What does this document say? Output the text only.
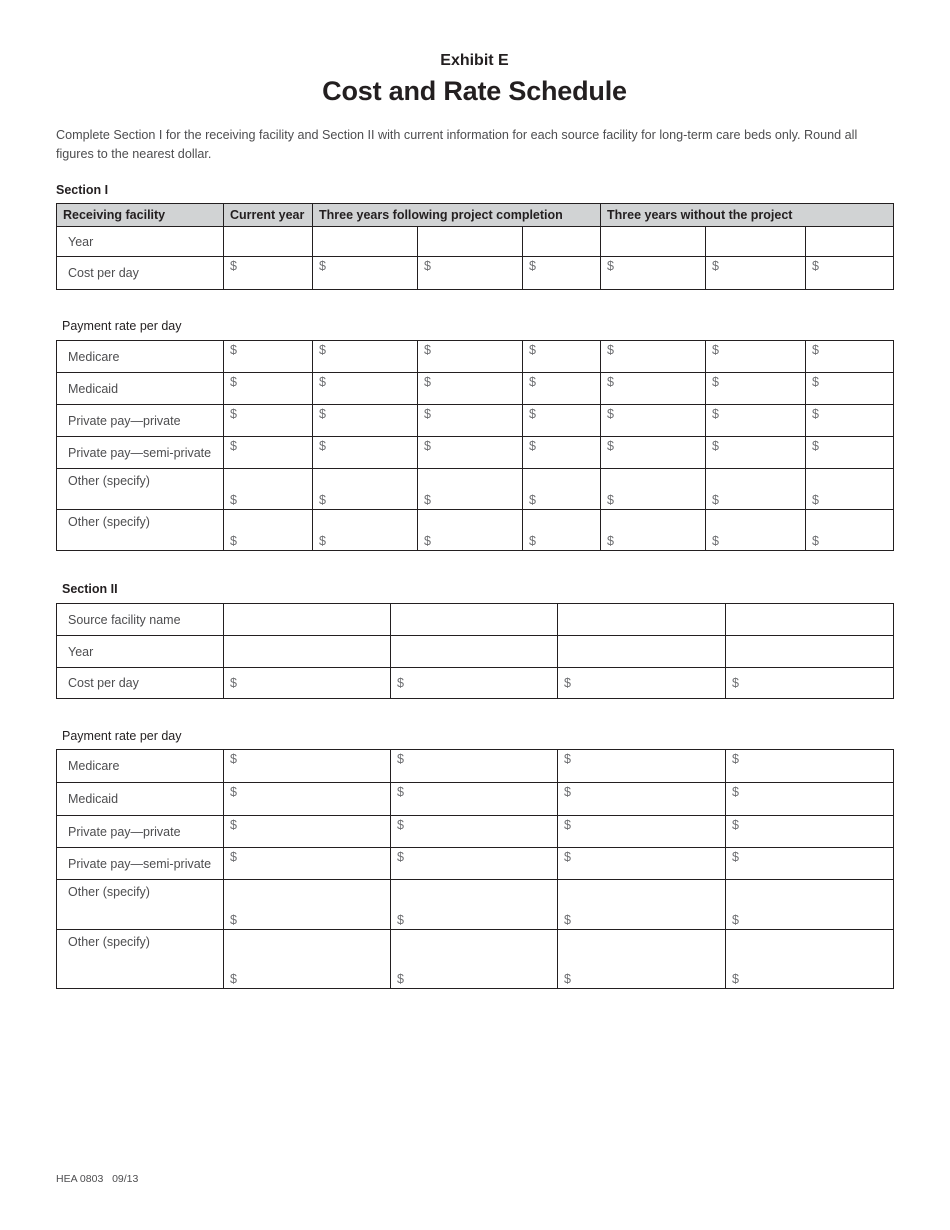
Exhibit E
Cost and Rate Schedule
Complete Section I for the receiving facility and Section II with current information for each source facility for long-term care beds only. Round all figures to the nearest dollar.
Section I
Receiving facility	Current year	Three years following project completion			Three years without the project		
Year							
Cost per day	$	$	$	$	$	$	$
Payment rate per day
Medicare	$	$	$	$	$	$	$
Medicaid	$	$	$	$	$	$	$
Private pay—private	$	$	$	$	$	$	$
Private pay—semi-private	$	$	$	$	$	$	$
Other (specify)	$	$	$	$	$	$	$
Other (specify)	$	$	$	$	$	$	$
Section II
Source facility name				
Year				
Cost per day	$	$	$	$
Payment rate per day
Medicare	$	$	$	$
Medicaid	$	$	$	$
Private pay—private	$	$	$	$
Private pay—semi-private	$	$	$	$
Other (specify)	$	$	$	$
Other (specify)	$	$	$	$
HEA 0803 09/13
